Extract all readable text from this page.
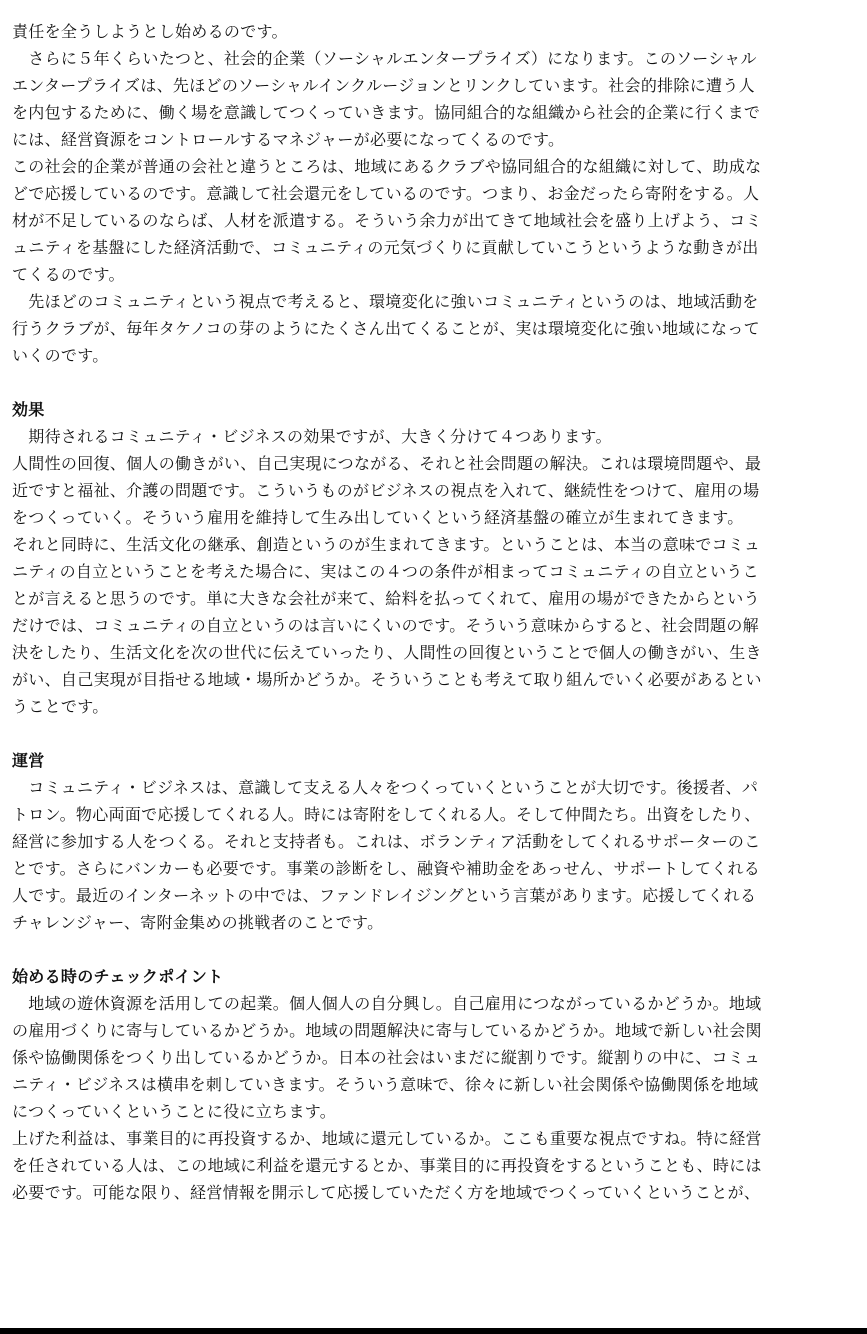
責任を全うしようとし始めるのです。
　さらに５年くらいたつと、社会的企業（ソーシャルエンタープライズ）になります。このソーシャル
エンタープライズは、先ほどのソーシャルインクルージョンとリンクしています。社会的排除に遭う人
を内包するために、働く場を意識してつくっていきます。協同組合的な組織から社会的企業に行くまで
には、経営資源をコントロールするマネジャーが必要になってくるのです。
この社会的企業が普通の会社と違うところは、地域にあるクラブや協同組合的な組織に対して、助成な
どで応援しているのです。意識して社会還元をしているのです。つまり、お金だったら寄附をする。人
材が不足しているのならば、人材を派遣する。そういう余力が出てきて地域社会を盛り上げよう、コミ
ュニティを基盤にした経済活動で、コミュニティの元気づくりに貢献していこうというような動きが出
てくるのです。
　先ほどのコミュニティという視点で考えると、環境変化に強いコミュニティというのは、地域活動を
行うクラブが、毎年タケノコの芽のようにたくさん出てくることが、実は環境変化に強い地域になって
いくのです。
効果
　期待されるコミュニティ・ビジネスの効果ですが、大きく分けて４つあります。
人間性の回復、個人の働きがい、自己実現につながる、それと社会問題の解決。これは環境問題や、最
近ですと福祉、介護の問題です。こういうものがビジネスの視点を入れて、継続性をつけて、雇用の場
をつくっていく。そういう雇用を維持して生み出していくという経済基盤の確立が生まれてきます。
それと同時に、生活文化の継承、創造というのが生まれてきます。ということは、本当の意味でコミュ
ニティの自立ということを考えた場合に、実はこの４つの条件が相まってコミュニティの自立というこ
とが言えると思うのです。単に大きな会社が来て、給料を払ってくれて、雇用の場ができたからという
だけでは、コミュニティの自立というのは言いにくいのです。そういう意味からすると、社会問題の解
決をしたり、生活文化を次の世代に伝えていったり、人間性の回復ということで個人の働きがい、生き
がい、自己実現が目指せる地域・場所かどうか。そういうことも考えて取り組んでいく必要があるとい
うことです。
運営
　コミュニティ・ビジネスは、意識して支える人々をつくっていくということが大切です。後援者、パ
トロン。物心両面で応援してくれる人。時には寄附をしてくれる人。そして仲間たち。出資をしたり、
経営に参加する人をつくる。それと支持者も。これは、ボランティア活動をしてくれるサポーターのこ
とです。さらにバンカーも必要です。事業の診断をし、融資や補助金をあっせん、サポートしてくれる
人です。最近のインターネットの中では、ファンドレイジングという言葉があります。応援してくれる
チャレンジャー、寄附金集めの挑戦者のことです。
始める時のチェックポイント
　地域の遊休資源を活用しての起業。個人個人の自分興し。自己雇用につながっているかどうか。地域
の雇用づくりに寄与しているかどうか。地域の問題解決に寄与しているかどうか。地域で新しい社会関
係や協働関係をつくり出しているかどうか。日本の社会はいまだに縦割りです。縦割りの中に、コミュ
ニティ・ビジネスは横串を刺していきます。そういう意味で、徐々に新しい社会関係や協働関係を地域
につくっていくということに役に立ちます。
上げた利益は、事業目的に再投資するか、地域に還元しているか。ここも重要な視点ですね。特に経営
を任されている人は、この地域に利益を還元するとか、事業目的に再投資をするということも、時には
必要です。可能な限り、経営情報を開示して応援していただく方を地域でつくっていくということが、
